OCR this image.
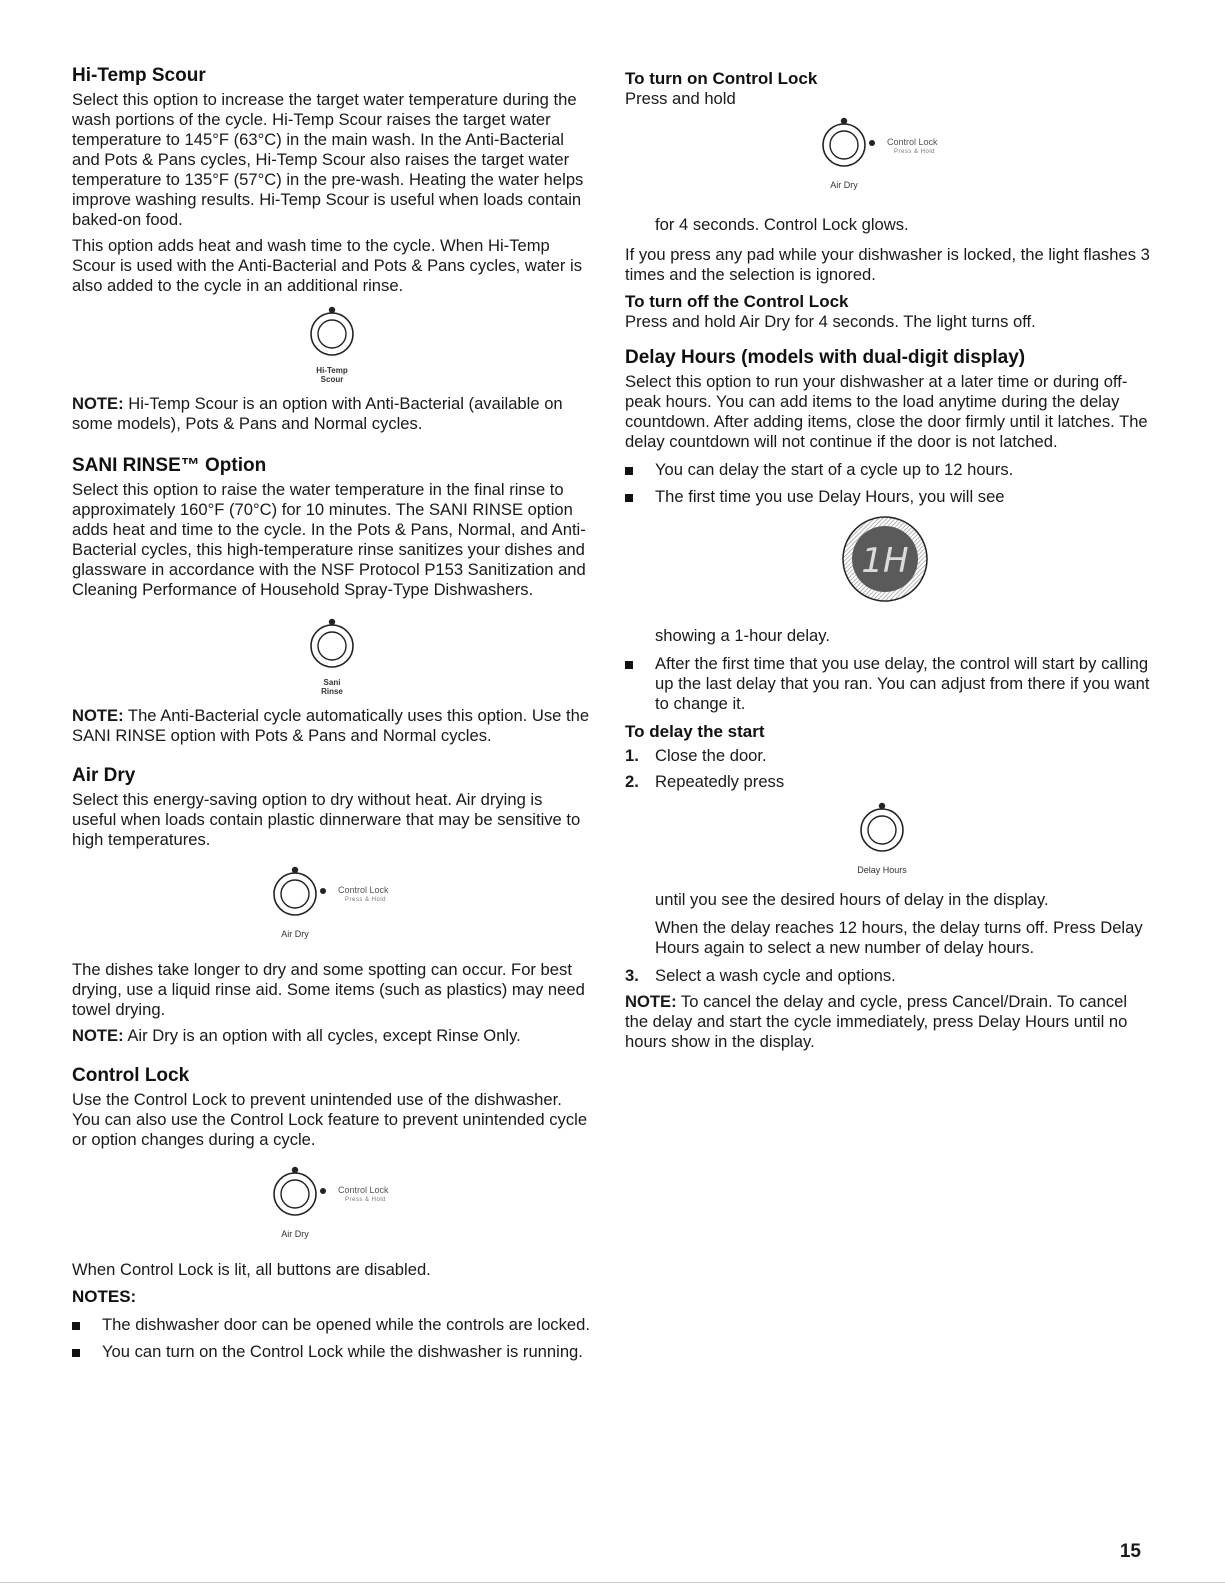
Hi-Temp Scour

Select this option to increase the target water temperature during the wash portions of the cycle. Hi-Temp Scour raises the target water temperature to 145°F (63°C) in the main wash. In the Anti-Bacterial and Pots & Pans cycles, Hi-Temp Scour also raises the target water temperature to 135°F (57°C) in the pre-wash. Heating the water helps improve washing results. Hi-Temp Scour is useful when loads contain baked-on food.

This option adds heat and wash time to the cycle. When Hi-Temp Scour is used with the Anti-Bacterial and Pots & Pans cycles, water is also added to the cycle in an additional rinse.

Hi-Temp
Scour

NOTE: Hi-Temp Scour is an option with Anti-Bacterial (available on some models), Pots & Pans and Normal cycles.

SANI RINSE™ Option

Select this option to raise the water temperature in the final rinse to approximately 160°F (70°C) for 10 minutes. The SANI RINSE option adds heat and time to the cycle. In the Pots & Pans, Normal, and Anti-Bacterial cycles, this high-temperature rinse sanitizes your dishes and glassware in accordance with the NSF Protocol P153 Sanitization and Cleaning Performance of Household Spray-Type Dishwashers.

Sani
Rinse

NOTE: The Anti-Bacterial cycle automatically uses this option. Use the SANI RINSE option with Pots & Pans and Normal cycles.

Air Dry

Select this energy-saving option to dry without heat. Air drying is useful when loads contain plastic dinnerware that may be sensitive to high temperatures.

Control Lock
Press & Hold
Air Dry

The dishes take longer to dry and some spotting can occur. For best drying, use a liquid rinse aid. Some items (such as plastics) may need towel drying.

NOTE: Air Dry is an option with all cycles, except Rinse Only.

Control Lock

Use the Control Lock to prevent unintended use of the dishwasher. You can also use the Control Lock feature to prevent unintended cycle or option changes during a cycle.

Control Lock
Press & Hold
Air Dry

When Control Lock is lit, all buttons are disabled.

NOTES:
The dishwasher door can be opened while the controls are locked.
You can turn on the Control Lock while the dishwasher is running.
To turn on Control Lock

Press and hold

Control Lock
Press & Hold
Air Dry

for 4 seconds. Control Lock glows.

If you press any pad while your dishwasher is locked, the light flashes 3 times and the selection is ignored.

To turn off the Control Lock

Press and hold Air Dry for 4 seconds. The light turns off.

Delay Hours (models with dual-digit display)

Select this option to run your dishwasher at a later time or during off-peak hours. You can add items to the load anytime during the delay countdown. After adding items, close the door firmly until it latches. The delay countdown will not continue if the door is not latched.

You can delay the start of a cycle up to 12 hours.
The first time you use Delay Hours, you will see
1H

showing a 1-hour delay.

After the first time that you use delay, the control will start by calling up the last delay that you ran. You can adjust from there if you want to change it.
To delay the start
1. Close the door.
2. Repeatedly press
Delay Hours

until you see the desired hours of delay in the display.

When the delay reaches 12 hours, the delay turns off. Press Delay Hours again to select a new number of delay hours.

3. Select a wash cycle and options.

NOTE: To cancel the delay and cycle, press Cancel/Drain. To cancel the delay and start the cycle immediately, press Delay Hours until no hours show in the display.

15
